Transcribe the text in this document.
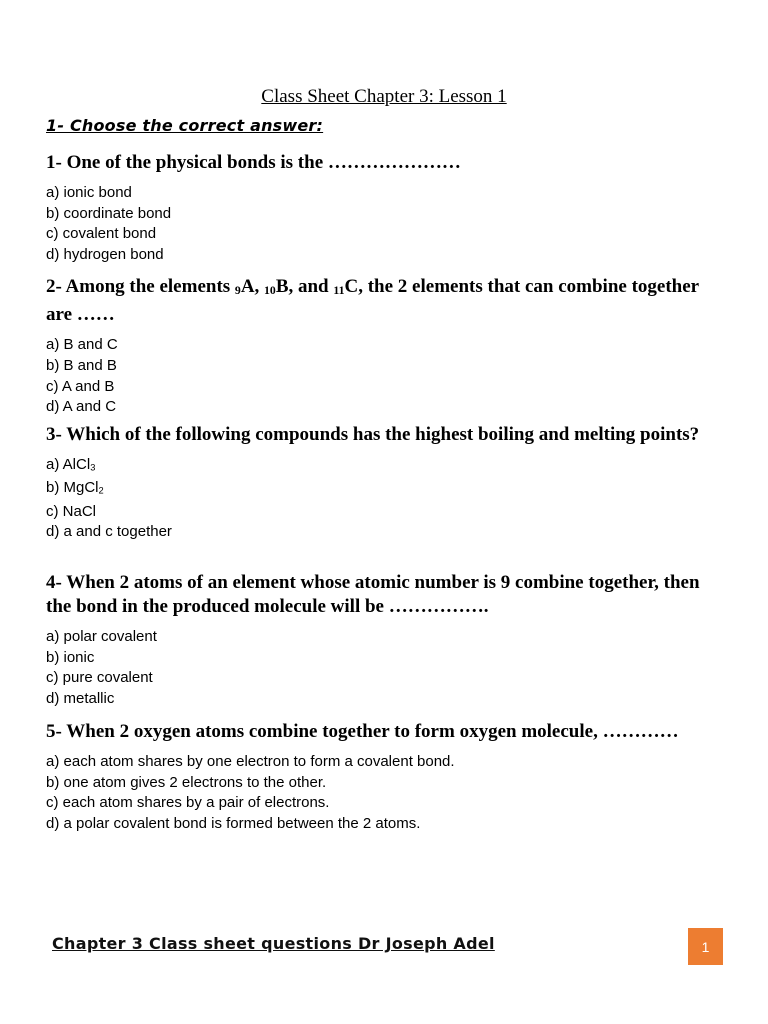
Class Sheet Chapter 3: Lesson 1
1- Choose the correct answer:

1- One of the physical bonds is the …………………

a) ionic bond
b) coordinate bond
c) covalent bond
d) hydrogen bond

2- Among the elements 9A, 10B, and 11C, the 2 elements that can combine together are ……

a) B and C
b) B and B
c) A and B
d) A and C

3- Which of the following compounds has the highest boiling and melting points?

a) AlCl3
b) MgCl2
c) NaCl
d) a and c together

4- When 2 atoms of an element whose atomic number is 9 combine together, then the bond in the produced molecule will be …………….

a) polar covalent
b) ionic
c) pure covalent
d) metallic

5- When 2 oxygen atoms combine together to form oxygen molecule, …………

a) each atom shares by one electron to form a covalent bond.
b) one atom gives 2 electrons to the other.
c) each atom shares by a pair of electrons.
d) a polar covalent bond is formed between the 2 atoms.
Chapter 3 Class sheet questions Dr Joseph Adel	1
